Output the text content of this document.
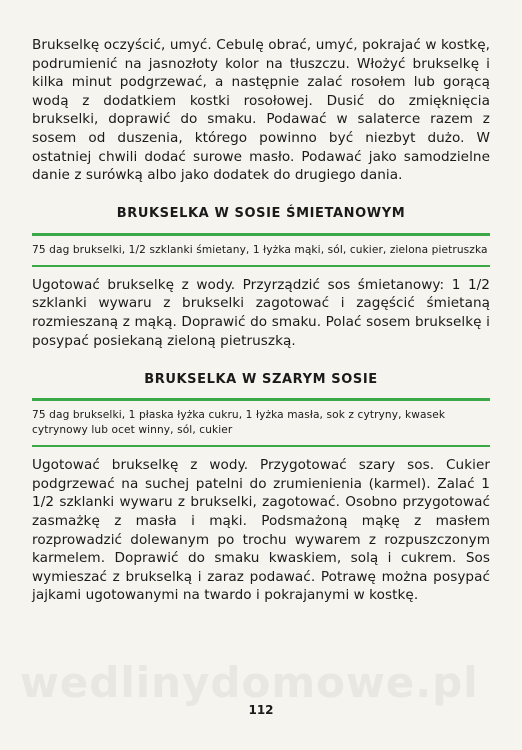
Brukselkę oczyścić, umyć. Cebulę obrać, umyć, pokrajać w kostkę, podrumienić na jasnozłoty kolor na tłuszczu. Włożyć brukselkę i kilka minut podgrzewać, a następnie zalać rosołem lub gorącą wodą z dodatkiem kostki rosołowej. Dusić do zmięknięcia brukselki, doprawić do smaku. Podawać w salaterce razem z sosem od duszenia, którego powinno być niezbyt dużo. W ostatniej chwili dodać surowe masło. Podawać jako samodzielne danie z surówką albo jako dodatek do drugiego dania.

BRUKSELKA W SOSIE ŚMIETANOWYM

75 dag brukselki, 1/2 szklanki śmietany, 1 łyżka mąki, sól, cukier, zielona pietruszka

Ugotować brukselkę z wody. Przyrządzić sos śmietanowy: 1 1/2 szklanki wywaru z brukselki zagotować i zagęścić śmietaną rozmieszaną z mąką. Doprawić do smaku. Polać sosem brukselkę i posypać posiekaną zieloną pietruszką.

BRUKSELKA W SZARYM SOSIE

75 dag brukselki, 1 płaska łyżka cukru, 1 łyżka masła, sok z cytryny, kwasek cytrynowy lub ocet winny, sól, cukier

Ugotować brukselkę z wody. Przygotować szary sos. Cukier podgrzewać na suchej patelni do zrumienienia (karmel). Zalać 1 1/2 szklanki wywaru z brukselki, zagotować. Osobno przygotować zasmażkę z masła i mąki. Podsmażoną mąkę z masłem rozprowadzić dolewanym po trochu wywarem z rozpuszczonym karmelem. Doprawić do smaku kwaskiem, solą i cukrem. Sos wymieszać z brukselką i zaraz podawać. Potrawę można posypać jajkami ugotowanymi na twardo i pokrajanymi w kostkę.

wedlinydomowe.pl
112
